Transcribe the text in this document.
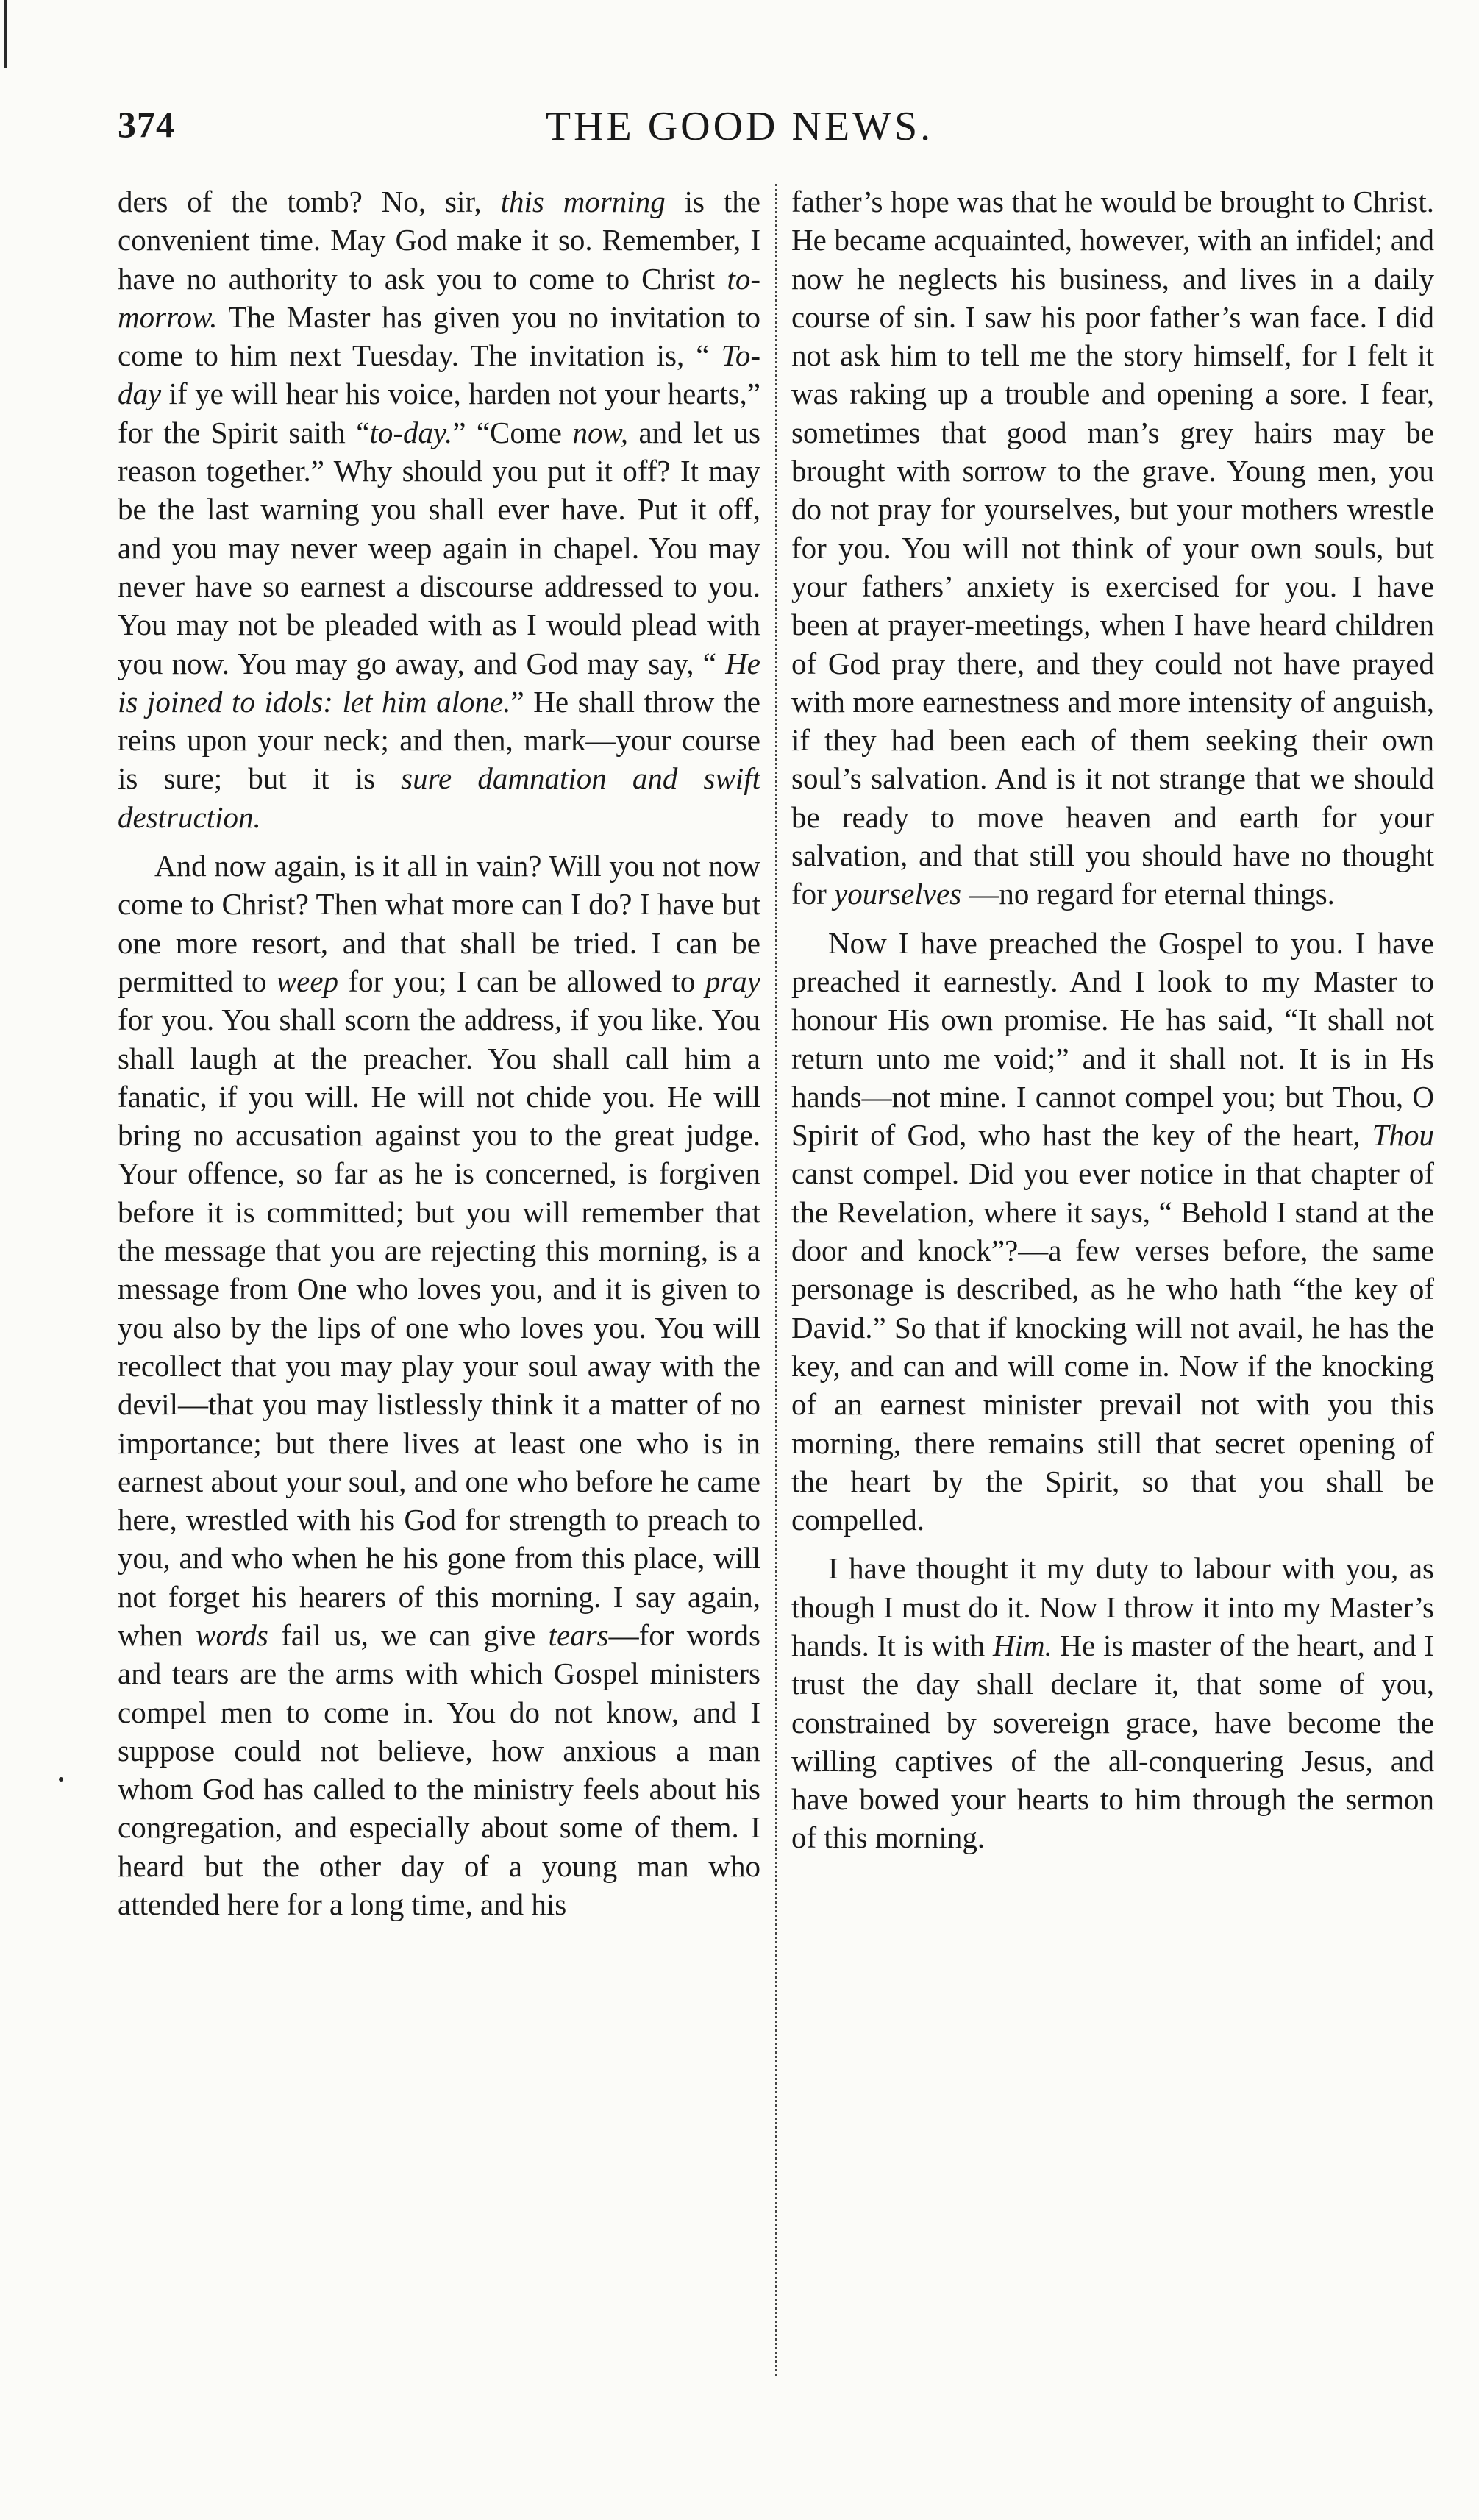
374	THE GOOD NEWS.

ders of the tomb? No, sir, this morning is the convenient time. May God make it so. Remember, I have no authority to ask you to come to Christ to-morrow. The Master has given you no invitation to come to him next Tuesday. The invitation is, “ To-day if ye will hear his voice, harden not your hearts,” for the Spirit saith “to-day.” “Come now, and let us reason together.” Why should you put it off? It may be the last warning you shall ever have. Put it off, and you may never weep again in chapel. You may never have so earnest a discourse addressed to you. You may not be pleaded with as I would plead with you now. You may go away, and God may say, “ He is joined to idols: let him alone.” He shall throw the reins upon your neck; and then, mark—your course is sure; but it is sure damnation and swift destruction.

And now again, is it all in vain? Will you not now come to Christ? Then what more can I do? I have but one more resort, and that shall be tried. I can be permitted to weep for you; I can be allowed to pray for you. You shall scorn the address, if you like. You shall laugh at the preacher. You shall call him a fanatic, if you will. He will not chide you. He will bring no accusation against you to the great judge. Your offence, so far as he is concerned, is forgiven before it is committed; but you will remember that the message that you are rejecting this morning, is a message from One who loves you, and it is given to you also by the lips of one who loves you. You will recollect that you may play your soul away with the devil—that you may listlessly think it a matter of no importance; but there lives at least one who is in earnest about your soul, and one who before he came here, wrestled with his God for strength to preach to you, and who when he his gone from this place, will not forget his hearers of this morning. I say again, when words fail us, we can give tears—for words and tears are the arms with which Gospel ministers compel men to come in. You do not know, and I suppose could not believe, how anxious a man whom God has called to the ministry feels about his congregation, and especially about some of them. I heard but the other day of a young man who attended here for a long time, and his

father’s hope was that he would be brought to Christ. He became acquainted, however, with an infidel; and now he neglects his business, and lives in a daily course of sin. I saw his poor father’s wan face. I did not ask him to tell me the story himself, for I felt it was raking up a trouble and opening a sore. I fear, sometimes that good man’s grey hairs may be brought with sorrow to the grave. Young men, you do not pray for yourselves, but your mothers wrestle for you. You will not think of your own souls, but your fathers’ anxiety is exercised for you. I have been at prayer-meetings, when I have heard children of God pray there, and they could not have prayed with more earnestness and more intensity of anguish, if they had been each of them seeking their own soul’s salvation. And is it not strange that we should be ready to move heaven and earth for your salvation, and that still you should have no thought for yourselves —no regard for eternal things.

Now I have preached the Gospel to you. I have preached it earnestly. And I look to my Master to honour His own promise. He has said, “It shall not return unto me void;” and it shall not. It is in Hs hands—not mine. I cannot compel you; but Thou, O Spirit of God, who hast the key of the heart, Thou canst compel. Did you ever notice in that chapter of the Revelation, where it says, “ Behold I stand at the door and knock”?—a few verses before, the same personage is described, as he who hath “the key of David.” So that if knocking will not avail, he has the key, and can and will come in. Now if the knocking of an earnest minister prevail not with you this morning, there remains still that secret opening of the heart by the Spirit, so that you shall be compelled.

I have thought it my duty to labour with you, as though I must do it. Now I throw it into my Master’s hands. It is with Him. He is master of the heart, and I trust the day shall declare it, that some of you, constrained by sovereign grace, have become the willing captives of the all-conquering Jesus, and have bowed your hearts to him through the sermon of this morning.
